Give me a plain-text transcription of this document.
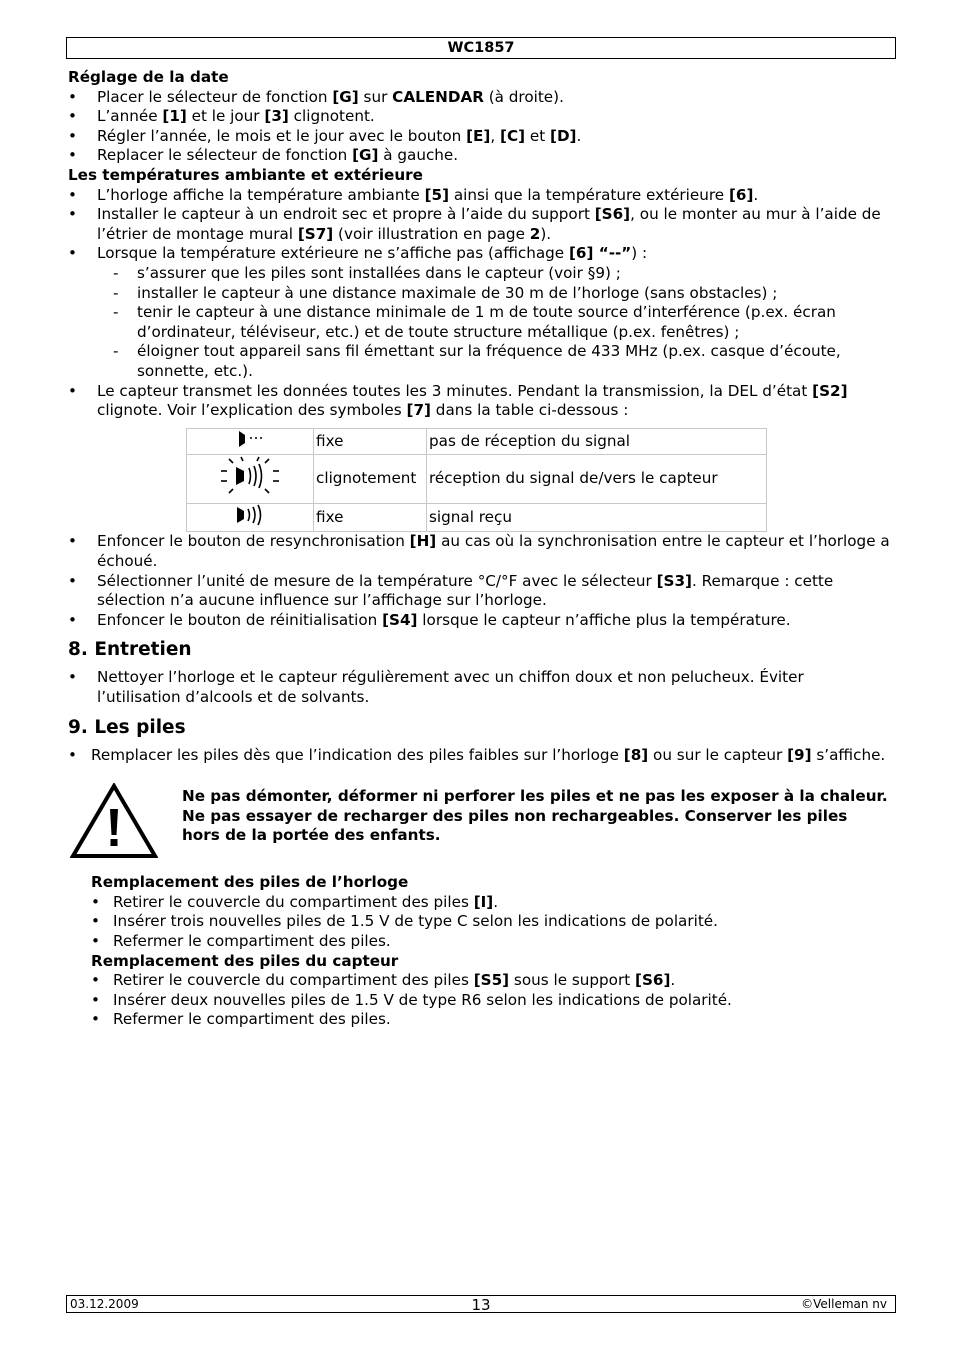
WC1857

Réglage de la date

• Placer le sélecteur de fonction [G] sur CALENDAR (à droite).
• L’année [1] et le jour [3] clignotent.
• Régler l’année, le mois et le jour avec le bouton [E], [C] et [D].
• Replacer le sélecteur de fonction [G] à gauche.

Les températures ambiante et extérieure

• L’horloge affiche la température ambiante [5] ainsi que la température extérieure [6].
• Installer le capteur à un endroit sec et propre à l’aide du support [S6], ou le monter au mur à l’aide de l’étrier de montage mural [S7] (voir illustration en page 2).
• Lorsque la température extérieure ne s’affiche pas (affichage [6] “--”) :
- s’assurer que les piles sont installées dans le capteur (voir §9) ;
- installer le capteur à une distance maximale de 30 m de l’horloge (sans obstacles) ;
- tenir le capteur à une distance minimale de 1 m de toute source d’interférence (p.ex. écran d’ordinateur, téléviseur, etc.) et de toute structure métallique (p.ex. fenêtres) ;
- éloigner tout appareil sans fil émettant sur la fréquence de 433 MHz (p.ex. casque d’écoute, sonnette, etc.).
• Le capteur transmet les données toutes les 3 minutes. Pendant la transmission, la DEL d’état [S2] clignote. Voir l’explication des symboles [7] dans la table ci-dessous :
	fixe	pas de réception du signal
	clignotement	réception du signal de/vers le capteur
	fixe	signal reçu
• Enfoncer le bouton de resynchronisation [H] au cas où la synchronisation entre le capteur et l’horloge a échoué.
• Sélectionner l’unité de mesure de la température °C/°F avec le sélecteur [S3]. Remarque : cette sélection n’a aucune influence sur l’affichage sur l’horloge.
• Enfoncer le bouton de réinitialisation [S4] lorsque le capteur n’affiche plus la température.
8. Entretien
• Nettoyer l’horloge et le capteur régulièrement avec un chiffon doux et non pelucheux. Éviter l’utilisation d’alcools et de solvants.
9. Les piles
• Remplacer les piles dès que l’indication des piles faibles sur l’horloge [8] ou sur le capteur [9] s’affiche.

Ne pas démonter, déformer ni perforer les piles et ne pas les exposer à la chaleur. Ne pas essayer de recharger des piles non rechargeables. Conserver les piles hors de la portée des enfants.

Remplacement des piles de l’horloge

• Retirer le couvercle du compartiment des piles [I].
• Insérer trois nouvelles piles de 1.5 V de type C selon les indications de polarité.
• Refermer le compartiment des piles.

Remplacement des piles du capteur

• Retirer le couvercle du compartiment des piles [S5] sous le support [S6].
• Insérer deux nouvelles piles de 1.5 V de type R6 selon les indications de polarité.
• Refermer le compartiment des piles.
03.12.2009	13	©Velleman nv
